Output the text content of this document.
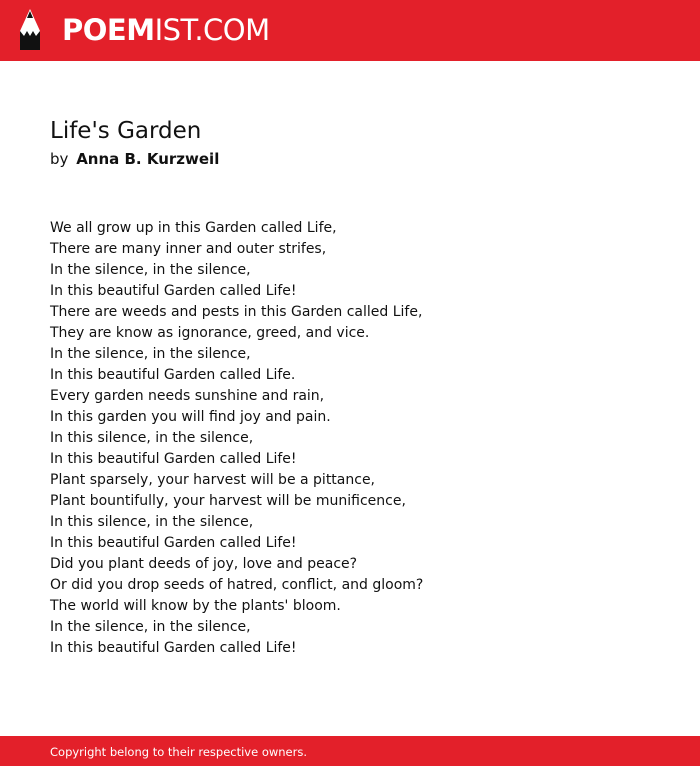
POEMIST.COM
Life's Garden
by Anna B. Kurzweil
We all grow up in this Garden called Life,
There are many inner and outer strifes,
In the silence, in the silence,
In this beautiful Garden called Life!
There are weeds and pests in this Garden called Life,
They are know as ignorance, greed, and vice.
In the silence, in the silence,
In this beautiful Garden called Life.
Every garden needs sunshine and rain,
In this garden you will find joy and pain.
In this silence, in the silence,
In this beautiful Garden called Life!
Plant sparsely, your harvest will be a pittance,
Plant bountifully, your harvest will be munificence,
In this silence, in the silence,
In this beautiful Garden called Life!
Did you plant deeds of joy, love and peace?
Or did you drop seeds of hatred, conflict, and gloom?
The world will know by the plants' bloom.
In the silence, in the silence,
In this beautiful Garden called Life!
Copyright belong to their respective owners.
